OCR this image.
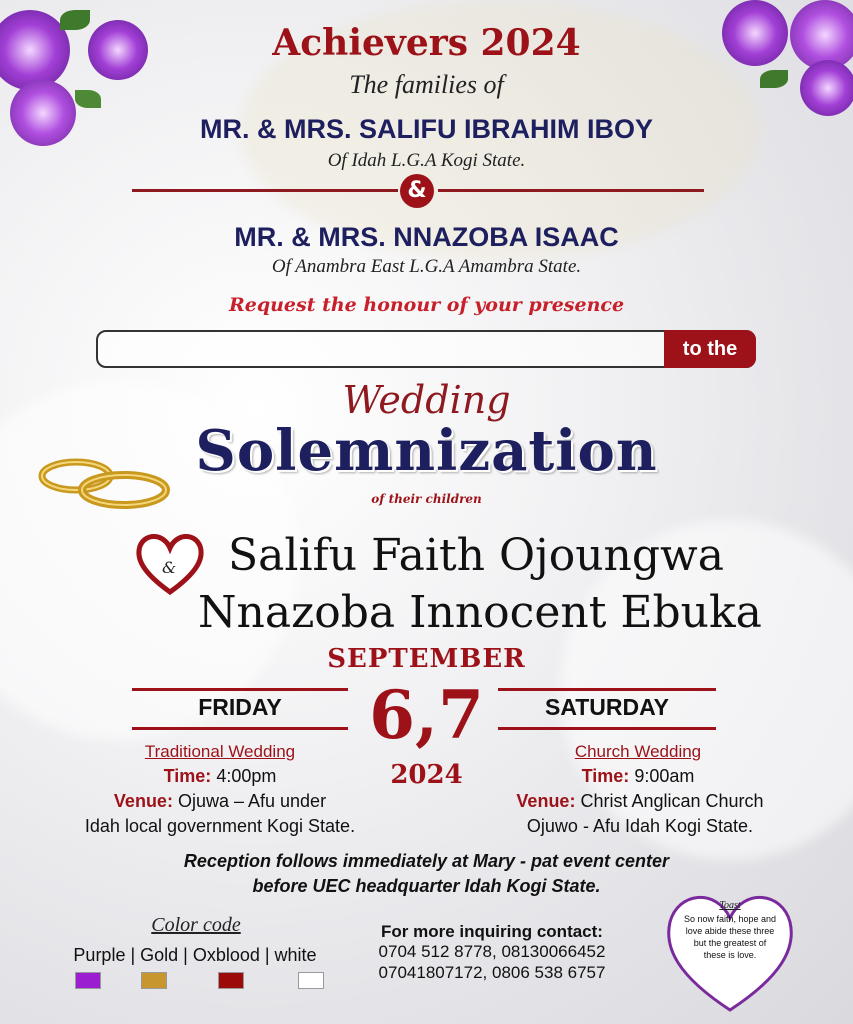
Achievers 2024
The families of
MR. & MRS. SALIFU IBRAHIM IBOY
Of Idah L.G.A Kogi State.
&
MR. & MRS. NNAZOBA ISAAC
Of Anambra East L.G.A Amambra State.
Request the honour of your presence
to the
Wedding
Solemnization
of their children
& Salifu Faith Ojoungwa
Nnazoba Innocent Ebuka
SEPTEMBER
6,7
2024
FRIDAY
Traditional Wedding
Time: 4:00pm
Venue: Ojuwa – Afu under
Idah local government Kogi State.
SATURDAY
Church Wedding
Time: 9:00am
Venue: Christ Anglican Church
Ojuwo - Afu Idah Kogi State.
Reception follows immediately at Mary - pat event center
before UEC headquarter Idah Kogi State.
Color code
Purple | Gold | Oxblood | white
For more inquiring contact:
0704 512 8778, 08130066452
07041807172, 0806 538 6757
Toast
So now faith, hope and
love abide these three
but the greatest of
these is love.
